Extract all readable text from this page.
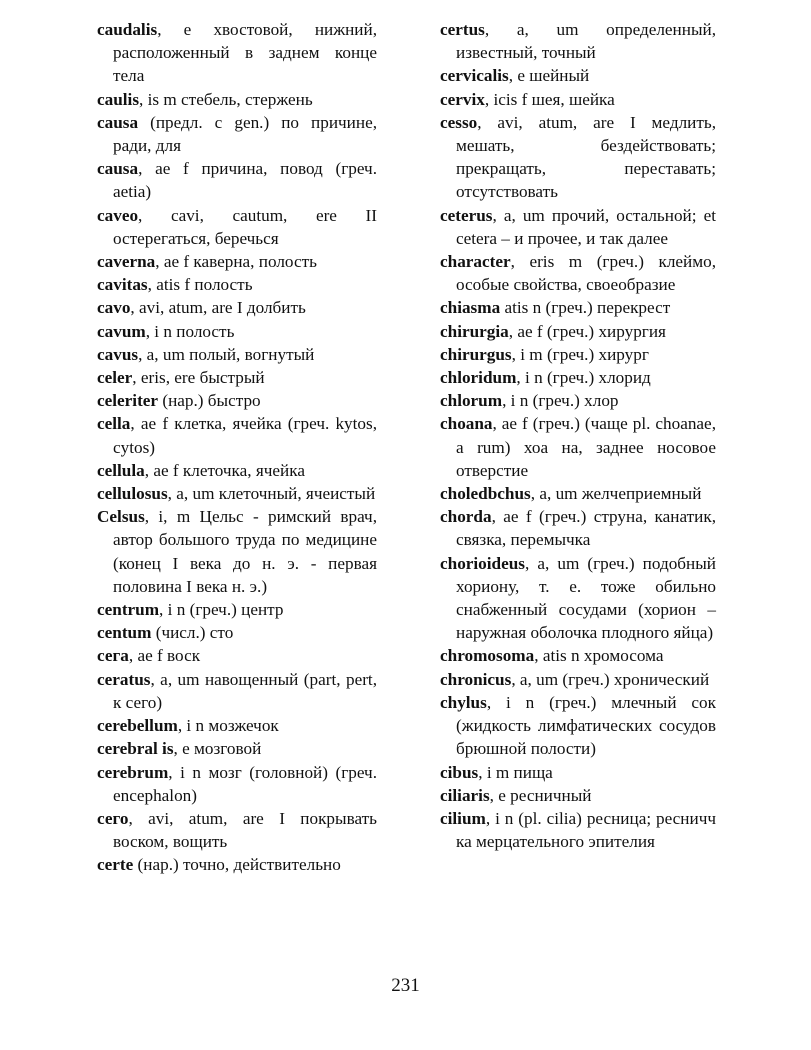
caudalis, e хвостовой, нижний, расположенный в заднем конце тела

caulis, is m стебель, стержень

causa (предл. с gen.) по причине, ради, для

causa, ae f причина, повод (греч. aetia)

caveo, cavi, cautum, ere II остерегаться, беречься

caverna, ae f каверна, полость

cavitas, atis f полость

cavo, avi, atum, are I долбить

cavum, i n полость

cavus, a, um полый, вогнутый

celer, eris, ere быстрый

celeriter (нар.) быстро

cella, ae f клетка, ячейка (греч. kytos, cytos)

cellula, ae f клеточка, ячейка

cellulosus, a, um клеточный, ячеистый

Celsus, i, m Цельс - римский врач, автор большого труда по медицине (конец I века до н. э. - первая половина I века н. э.)

centrum, i n (греч.) центр

centum (числ.) сто

сега, ae f воск

ceratus, a, um навощенный (part, pert, к сего)

cerebellum, i n мозжечок

cerebral is, e мозговой

cerebrum, i n мозг (головной) (греч. encephalon)

сего, avi, atum, are I покрывать воском, вощить

certe (нар.) точно, действительно

certus, a, um определенный, известный, точный

cervicalis, e шейный

cervix, icis f шея, шейка

cesso, avi, atum, are I медлить, мешать, бездействовать; прекращать, переставать; отсутствовать

ceterus, a, um прочий, остальной; et cetera – и прочее, и так далее

character, eris m (греч.) клеймо, особые свойства, своеобразие

chiasma atis n (греч.) перекрест

chirurgia, ae f (греч.) хирургия

chirurgus, i m (греч.) хирург

chloridum, i n (греч.) хлорид

chlorum, i n (греч.) хлор

choana, ae f (греч.) (чаще pl. choanae, a rum) хоа на, заднее носовое отверстие

choledbchus, a, um желчеприемный

chorda, ae f (греч.) струна, канатик, связка, перемычка

chorioideus, a, um (греч.) подобный хориону, т. е. тоже обильно снабженный сосудами (хорион – наружная оболочка плодного яйца)

chromosoma, atis n хромосома

chronicus, a, um (греч.) хронический

chylus, i n (греч.) млечный сок (жидкость лимфатических сосудов брюшной полости)

cibus, i m пища

ciliaris, e ресничный

cilium, i n (pl. cilia) ресница; ресничч ка мерцательного эпителия

231
